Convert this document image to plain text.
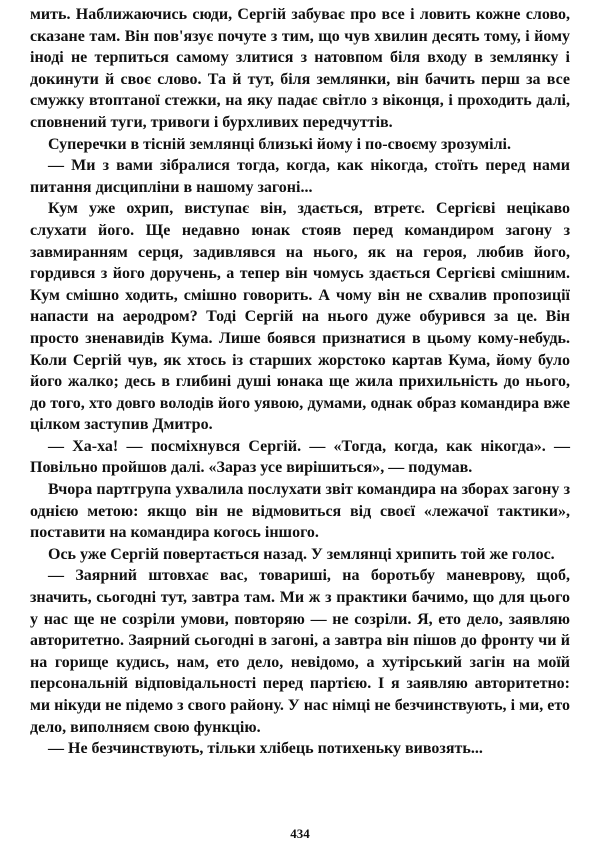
мить. Наближаючись сюди, Сергій забуває про все і ловить кожне слово, сказане там. Він пов'язує почуте з тим, що чув хвилин десять тому, і йому іноді не терпиться самому злитися з натовпом біля входу в землянку і докинути й своє слово. Та й тут, біля землянки, він бачить перш за все смужку втоптаної стежки, на яку падає світло з віконця, і проходить далі, сповнений туги, тривоги і бурхливих передчуттів.

Суперечки в тісній землянці близькі йому і по-своєму зрозумілі.

— Ми з вами зібралися тогда, когда, как нікогда, стоїть перед нами питання дисципліни в нашому загоні...

Кум уже охрип, виступає він, здається, втретє. Сергієві нецікаво слухати його. Ще недавно юнак стояв перед командиром загону з завмиранням серця, задивлявся на нього, як на героя, любив його, гордився з його доручень, а тепер він чомусь здається Сергієві смішним. Кум смішно ходить, смішно говорить. А чому він не схвалив пропозиції напасти на аеродром? Тоді Сергій на нього дуже обурився за це. Він просто зненавидів Кума. Лише боявся признатися в цьому кому-небудь. Коли Сергій чув, як хтось із старших жорстоко картав Кума, йому було його жалко; десь в глибині душі юнака ще жила прихильність до нього, до того, хто довго володів його уявою, думами, однак образ командира вже цілком заступив Дмитро.

— Ха-ха! — посміхнувся Сергій. — «Тогда, когда, как нікогда». — Повільно пройшов далі. «Зараз усе вирішиться», — подумав.

Вчора партгрупа ухвалила послухати звіт командира на зборах загону з однією метою: якщо він не відмовиться від своєї «лежачої тактики», поставити на командира когось іншого.

Ось уже Сергій повертається назад. У землянці хрипить той же голос.

— Заярний штовхає вас, товариші, на боротьбу маневрову, щоб, значить, сьогодні тут, завтра там. Ми ж з практики бачимо, що для цього у нас ще не созріли умови, повторяю — не созріли. Я, ето дело, заявляю авторитетно. Заярний сьогодні в загоні, а завтра він пішов до фронту чи й на горище кудись, нам, ето дело, невідомо, а хутірський загін на моїй персональній відповідальності перед партією. І я заявляю авторитетно: ми нікуди не підемо з свого району. У нас німці не безчинствують, і ми, ето дело, виполняєм свою функцію.

— Не безчинствують, тільки хлібець потихеньку вивозять...

434
